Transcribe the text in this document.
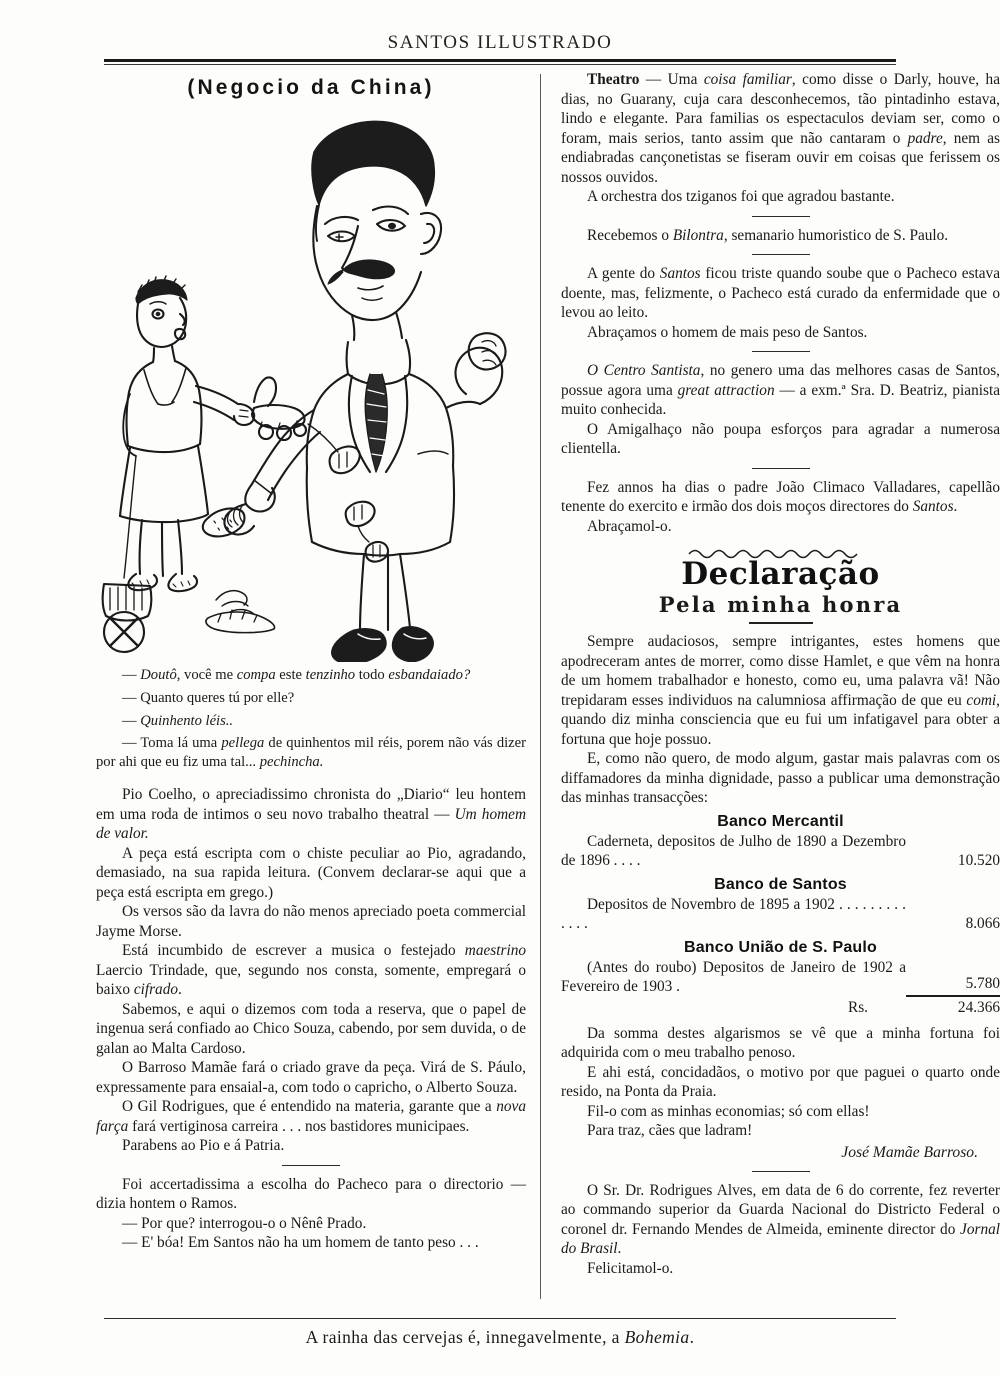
SANTOS ILLUSTRADO
(Negocio da China)
— Doutô, você me compa este tenzinho todo esbandaiado?
— Quanto queres tú por elle?
— Quinhento léis..
— Toma lá uma pellega de quinhentos mil réis, porem não vás dizer por ahi que eu fiz uma tal... pechincha.

Pio Coelho, o apreciadissimo chronista do „Diario“ leu hontem em uma roda de intimos o seu novo trabalho theatral — Um homem de valor.

A peça está escripta com o chiste peculiar ao Pio, agradando, demasiado, na sua rapida leitura. (Convem declarar-se aqui que a peça está escripta em grego.)

Os versos são da lavra do não menos apreciado poeta commercial Jayme Morse.

Está incumbido de escrever a musica o festejado maestrino Laercio Trindade, que, segundo nos consta, somente, empregará o baixo cifrado.

Sabemos, e aqui o dizemos com toda a reserva, que o papel de ingenua será confiado ao Chico Souza, cabendo, por sem duvida, o de galan ao Malta Cardoso.

O Barroso Mamãe fará o criado grave da peça. Virá de S. Páulo, expressamente para ensaial-a, com todo o capricho, o Alberto Souza.

O Gil Rodrigues, que é entendido na materia, garante que a nova farça fará vertiginosa carreira . . . nos bastidores municipaes.

Parabens ao Pio e á Patria.

Foi accertadissima a escolha do Pacheco para o directorio — dizia hontem o Ramos.

— Por que? interrogou-o o Nênê Prado.

— E' bóa! Em Santos não ha um homem de tanto peso . . .

Theatro — Uma coisa familiar, como disse o Darly, houve, ha dias, no Guarany, cuja cara desconhecemos, tão pintadinho estava, lindo e elegante. Para familias os espectaculos deviam ser, como o foram, mais serios, tanto assim que não cantaram o padre, nem as endiabradas cançonetistas se fiseram ouvir em coisas que ferissem os nossos ouvidos.

A orchestra dos tziganos foi que agradou bastante.

Recebemos o Bilontra, semanario humoristico de S. Paulo.

A gente do Santos ficou triste quando soube que o Pacheco estava doente, mas, felizmente, o Pacheco está curado da enfermidade que o levou ao leito.

Abraçamos o homem de mais peso de Santos.

O Centro Santista, no genero uma das melhores casas de Santos, possue agora uma great attraction — a exm.ª Sra. D. Beatriz, pianista muito conhecida.

O Amigalhaço não poupa esforços para agradar a numerosa clientella.

Fez annos ha dias o padre João Climaco Valladares, capellão tenente do exercito e irmão dos dois moços directores do Santos.

Abraçamol-o.

Declaração
Pela minha honra

Sempre audaciosos, sempre intrigantes, estes homens que apodreceram antes de morrer, como disse Hamlet, e que vêm na honra de um homem trabalhador e honesto, como eu, uma palavra vã! Não trepidaram esses individuos na calumniosa affirmação de que eu comi, quando diz minha consciencia que eu fui um infatigavel para obter a fortuna que hoje possuo.

E, como não quero, de modo algum, gastar mais palavras com os diffamadores da minha dignidade, passo a publicar uma demonstração das minhas transacções:

Banco Mercantil
Caderneta, depositos de Julho de 1890 a Dezembro de 1896 . . . .	10.520
Banco de Santos
Depositos de Novembro de 1895 a 1902 . . . . . . . . . . . . .	8.066
Banco União de S. Paulo
(Antes do roubo) Depositos de Janeiro de 1902 a Fevereiro de 1903 .	5.780
Rs.	24.366

Da somma destes algarismos se vê que a minha fortuna foi adquirida com o meu trabalho penoso.

E ahi está, concidadãos, o motivo por que paguei o quarto onde resido, na Ponta da Praia.

Fil-o com as minhas economias; só com ellas!

Para traz, cães que ladram!

José Mamãe Barroso.

O Sr. Dr. Rodrigues Alves, em data de 6 do corrente, fez reverter ao commando superior da Guarda Nacional do Districto Federal o coronel dr. Fernando Mendes de Almeida, eminente director do Jornal do Brasil.

Felicitamol-o.

A rainha das cervejas é, innegavelmente, a Bohemia.
